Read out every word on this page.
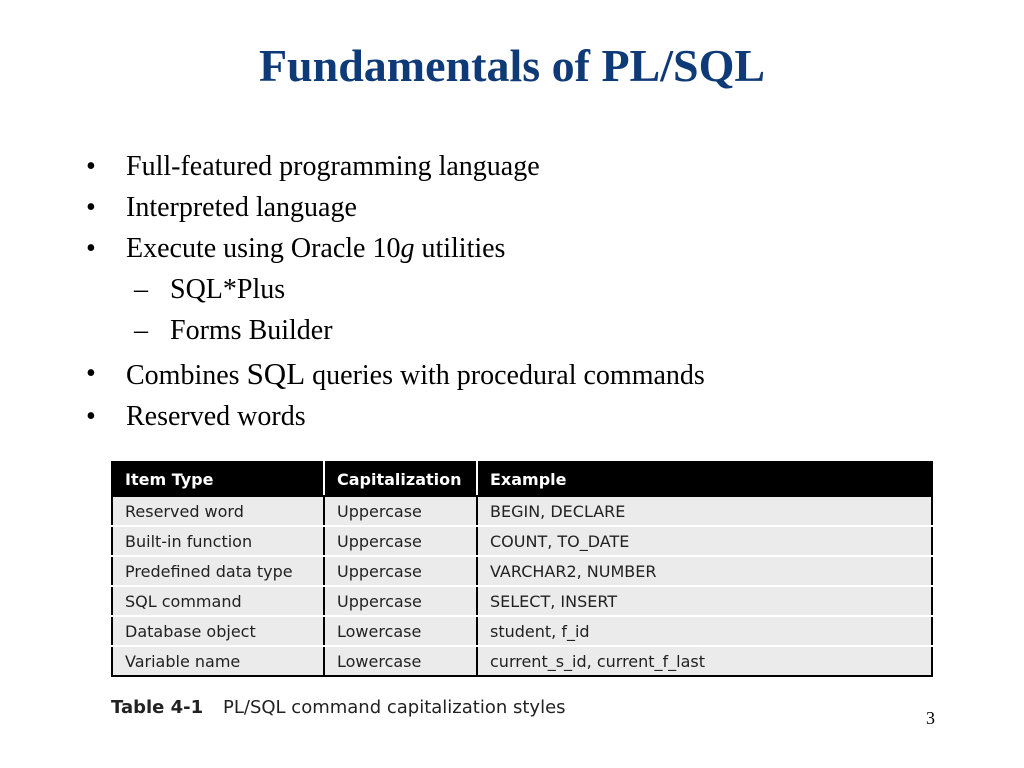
Fundamentals of PL/SQL
• Full-featured programming language
• Interpreted language
• Execute using Oracle 10g utilities
– SQL*Plus
– Forms Builder
• Combines SQL queries with procedural commands
• Reserved words
Item Type	Capitalization	Example
Reserved word	Uppercase	BEGIN, DECLARE
Built-in function	Uppercase	COUNT, TO_DATE
Predefined data type	Uppercase	VARCHAR2, NUMBER
SQL command	Uppercase	SELECT, INSERT
Database object	Lowercase	student, f_id
Variable name	Lowercase	current_s_id, current_f_last
Table 4-1 PL/SQL command capitalization styles	3
